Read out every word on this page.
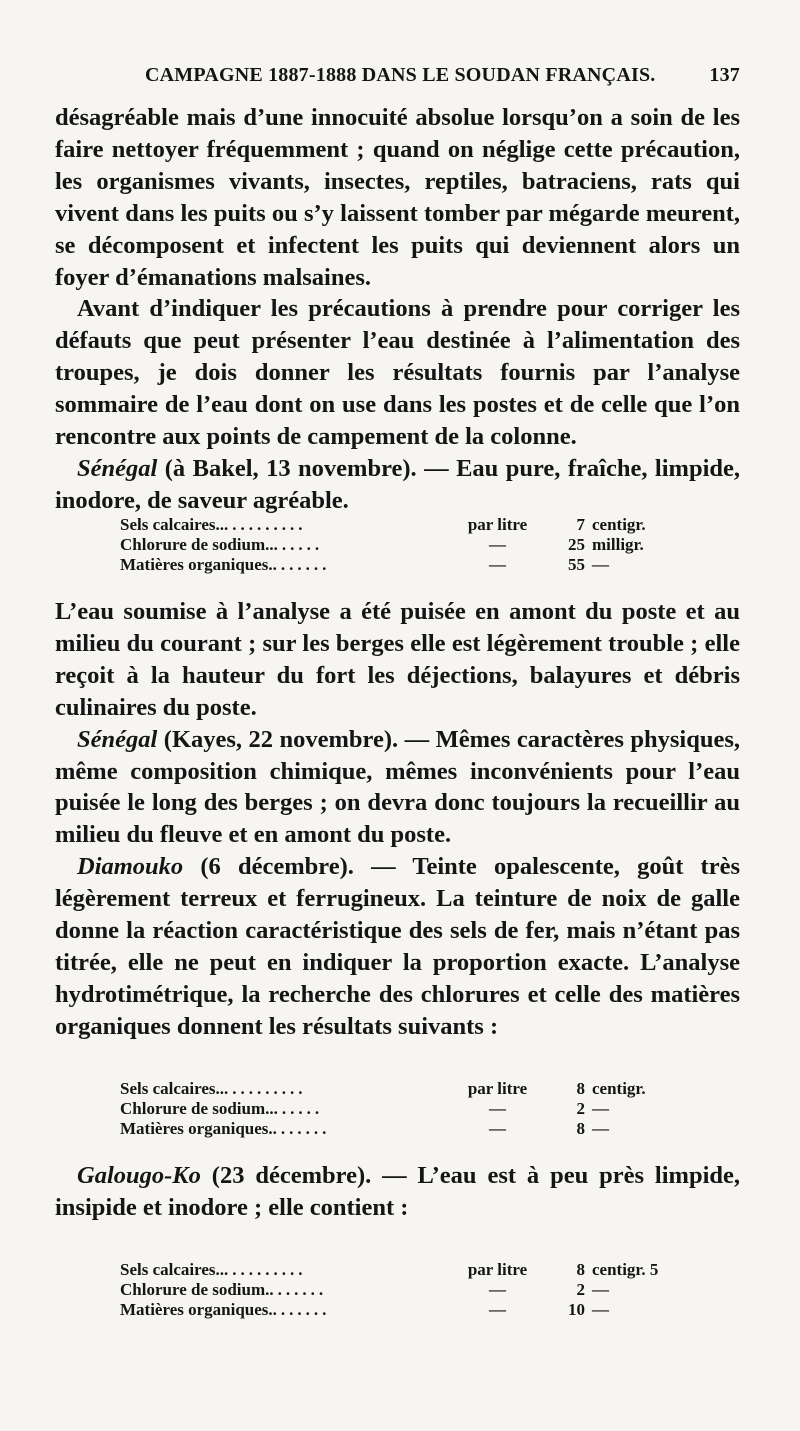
CAMPAGNE 1887-1888 DANS LE SOUDAN FRANÇAIS.	137

désagréable mais d’une innocuité absolue lorsqu’on a soin de les faire nettoyer fréquemment ; quand on néglige cette précaution, les organismes vivants, insectes, reptiles, batraciens, rats qui vivent dans les puits ou s’y laissent tomber par mégarde meurent, se décomposent et infectent les puits qui deviennent alors un foyer d’émanations malsaines.

Avant d’indiquer les précautions à prendre pour corriger les défauts que peut présenter l’eau destinée à l’alimentation des troupes, je dois donner les résultats fournis par l’analyse sommaire de l’eau dont on use dans les postes et de celle que l’on rencontre aux points de campement de la colonne.

Sénégal (à Bakel, 13 novembre). — Eau pure, fraîche, limpide, inodore, de saveur agréable.

Sels calcaires............	par litre	7 centigr.
Chlorure de sodium........	—	25 milligr.
Matières organiques........	—	55 —

L’eau soumise à l’analyse a été puisée en amont du poste et au milieu du courant ; sur les berges elle est légèrement trouble ; elle reçoit à la hauteur du fort les déjections, balayures et débris culinaires du poste.

Sénégal (Kayes, 22 novembre). — Mêmes caractères physiques, même composition chimique, mêmes inconvénients pour l’eau puisée le long des berges ; on devra donc toujours la recueillir au milieu du fleuve et en amont du poste.

Diamouko (6 décembre). — Teinte opalescente, goût très légèrement terreux et ferrugineux. La teinture de noix de galle donne la réaction caractéristique des sels de fer, mais n’étant pas titrée, elle ne peut en indiquer la proportion exacte. L’analyse hydrotimétrique, la recherche des chlorures et celle des matières organiques donnent les résultats suivants :

Sels calcaires............	par litre	8 centigr.
Chlorure de sodium........	—	2 —
Matières organiques........	—	8 —

Galougo-Ko (23 décembre). — L’eau est à peu près limpide, insipide et inodore ; elle contient :

Sels calcaires............	par litre	8 centigr. 5
Chlorure de sodium........	—	2 —
Matières organiques........	—	10 —
